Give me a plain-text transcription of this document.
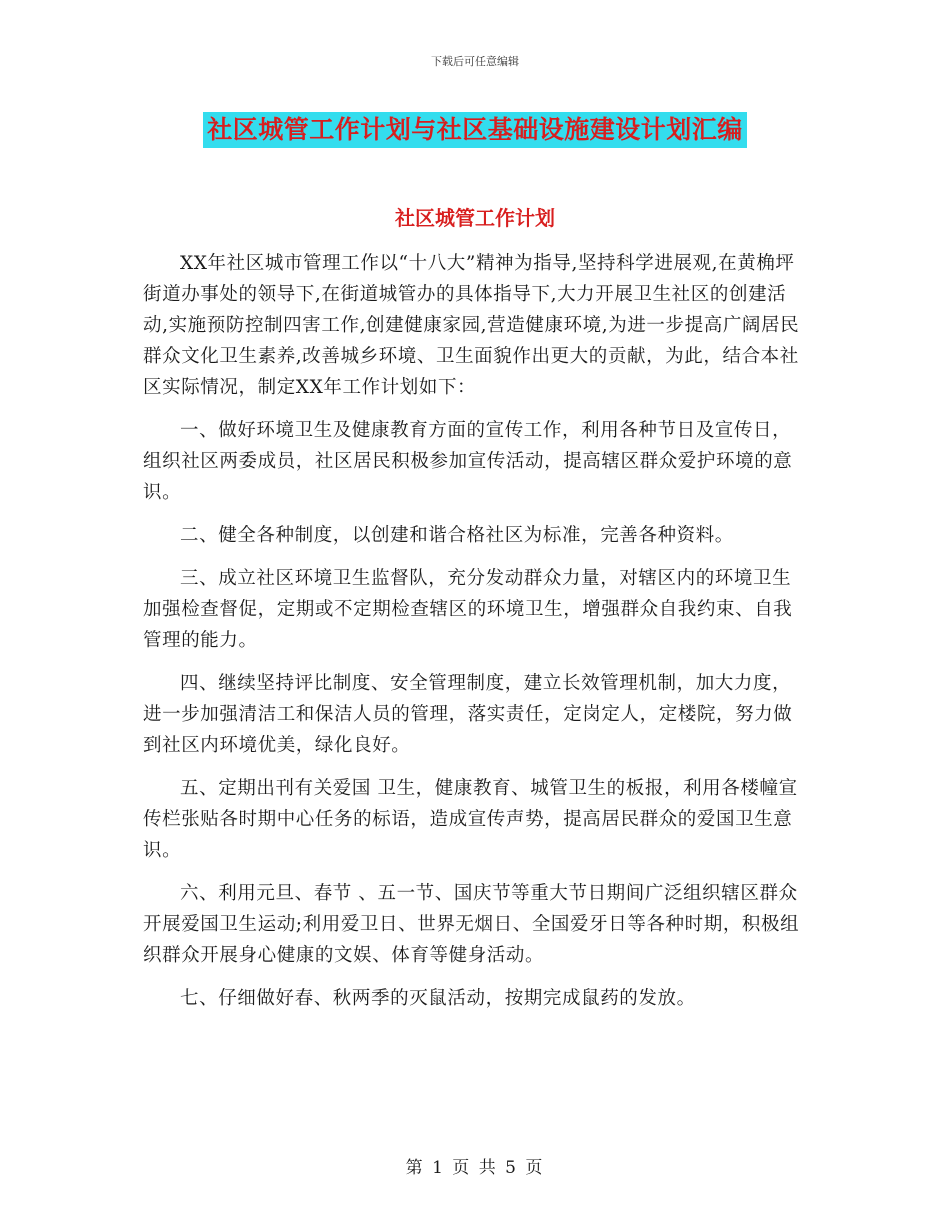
下载后可任意编辑
社区城管工作计划与社区基础设施建设计划汇编
社区城管工作计划

XX年社区城市管理工作以“十八大”精神为指导,坚持科学进展观,在黄桷坪街道办事处的领导下,在街道城管办的具体指导下,大力开展卫生社区的创建活动,实施预防控制四害工作,创建健康家园,营造健康环境,为进一步提高广阔居民群众文化卫生素养,改善城乡环境、卫生面貌作出更大的贡献，为此，结合本社区实际情况，制定XX年工作计划如下：

一、做好环境卫生及健康教育方面的宣传工作，利用各种节日及宣传日，组织社区两委成员，社区居民积极参加宣传活动，提高辖区群众爱护环境的意识。

二、健全各种制度，以创建和谐合格社区为标准，完善各种资料。

三、成立社区环境卫生监督队，充分发动群众力量，对辖区内的环境卫生加强检查督促，定期或不定期检查辖区的环境卫生，增强群众自我约束、自我管理的能力。

四、继续坚持评比制度、安全管理制度，建立长效管理机制，加大力度，进一步加强清洁工和保洁人员的管理，落实责任，定岗定人，定楼院，努力做到社区内环境优美，绿化良好。

五、定期出刊有关爱国 卫生，健康教育、城管卫生的板报，利用各楼幢宣传栏张贴各时期中心任务的标语，造成宣传声势，提高居民群众的爱国卫生意识。

六、利用元旦、春节 、五一节、国庆节等重大节日期间广泛组织辖区群众开展爱国卫生运动;利用爱卫日、世界无烟日、全国爱牙日等各种时期，积极组织群众开展身心健康的文娱、体育等健身活动。

七、仔细做好春、秋两季的灭鼠活动，按期完成鼠药的发放。

第 1 页 共 5 页
